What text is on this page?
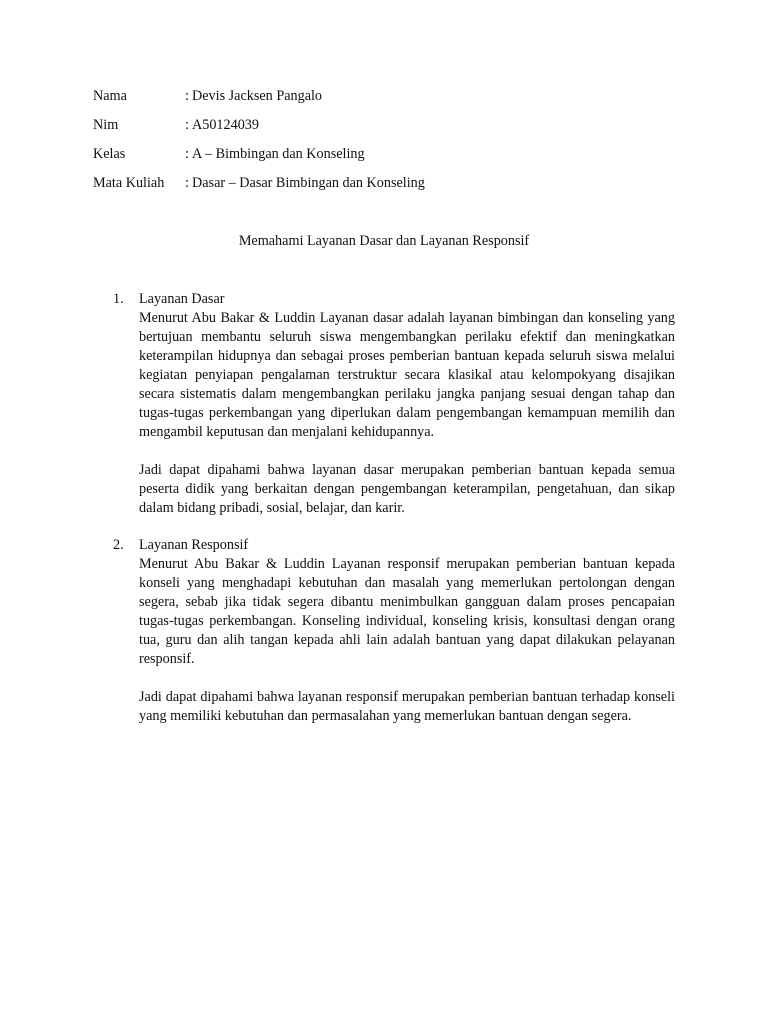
Nama	: Devis Jacksen Pangalo
Nim	: A50124039
Kelas	: A – Bimbingan dan Konseling
Mata Kuliah : Dasar – Dasar Bimbingan dan Konseling
Memahami Layanan Dasar dan Layanan Responsif
1. Layanan Dasar

Menurut Abu Bakar & Luddin Layanan dasar adalah layanan bimbingan dan konseling yang bertujuan membantu seluruh siswa mengembangkan perilaku efektif dan meningkatkan keterampilan hidupnya dan sebagai proses pemberian bantuan kepada seluruh siswa melalui kegiatan penyiapan pengalaman terstruktur secara klasikal atau kelompokyang disajikan secara sistematis dalam mengembangkan perilaku jangka panjang sesuai dengan tahap dan tugas-tugas perkembangan yang diperlukan dalam pengembangan kemampuan memilih dan mengambil keputusan dan menjalani kehidupannya.

Jadi dapat dipahami bahwa layanan dasar merupakan pemberian bantuan kepada semua peserta didik yang berkaitan dengan pengembangan keterampilan, pengetahuan, dan sikap dalam bidang pribadi, sosial, belajar, dan karir.

2. Layanan Responsif

Menurut Abu Bakar & Luddin Layanan responsif merupakan pemberian bantuan kepada konseli yang menghadapi kebutuhan dan masalah yang memerlukan pertolongan dengan segera, sebab jika tidak segera dibantu menimbulkan gangguan dalam proses pencapaian tugas-tugas perkembangan. Konseling individual, konseling krisis, konsultasi dengan orang tua, guru dan alih tangan kepada ahli lain adalah bantuan yang dapat dilakukan pelayanan responsif.

Jadi dapat dipahami bahwa layanan responsif merupakan pemberian bantuan terhadap konseli yang memiliki kebutuhan dan permasalahan yang memerlukan bantuan dengan segera.
